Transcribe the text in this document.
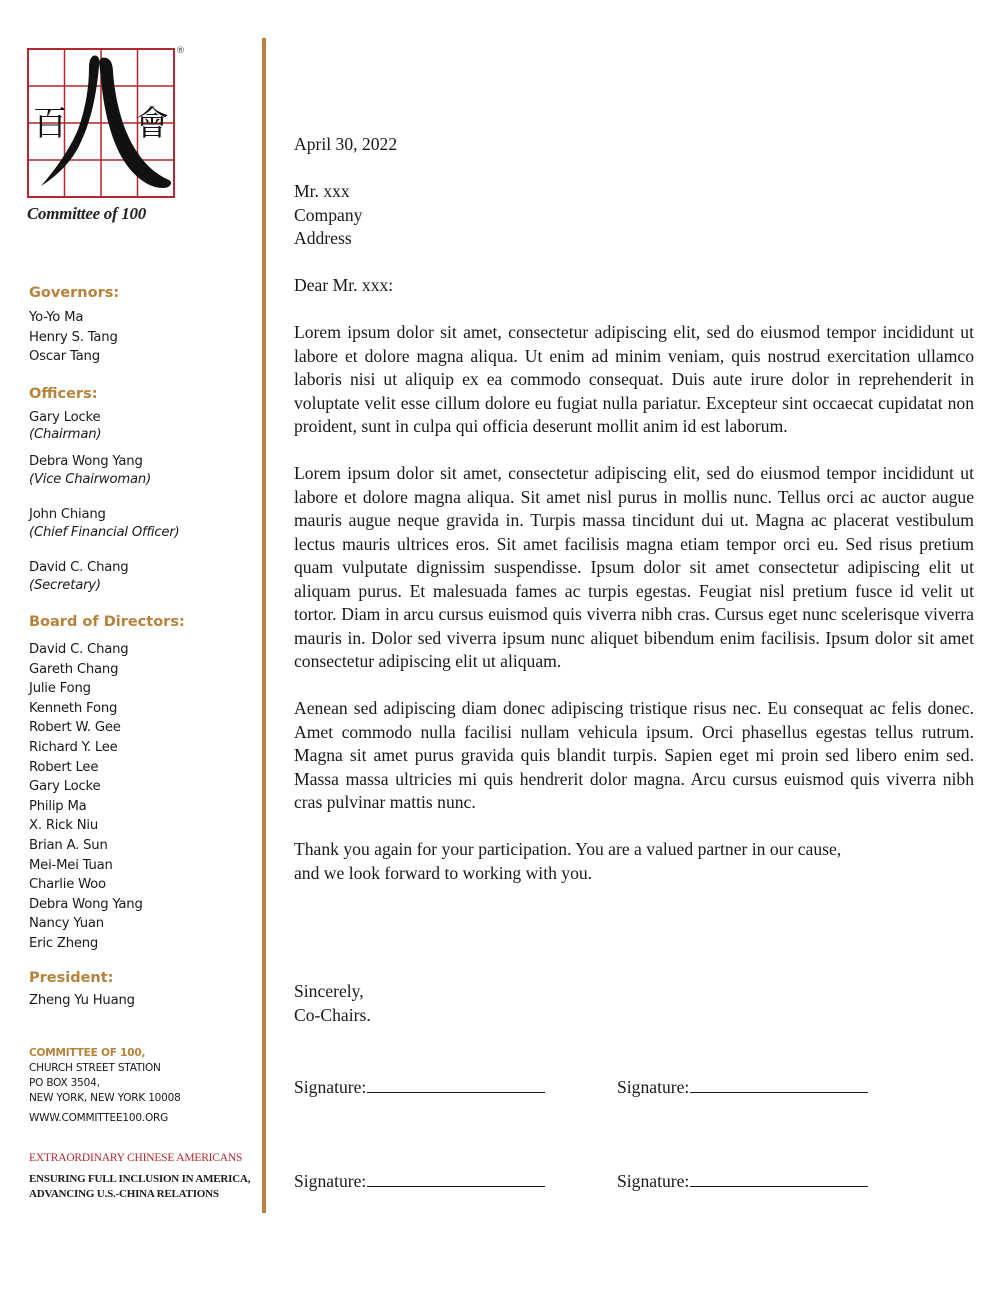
百 會
®
Committee of 100
Governors:
Yo-Yo Ma
Henry S. Tang
Oscar Tang
Officers:
Gary Locke
(Chairman)
Debra Wong Yang
(Vice Chairwoman)
John Chiang
(Chief Financial Officer)
David C. Chang
(Secretary)
Board of Directors:
David C. Chang
Gareth Chang
Julie Fong
Kenneth Fong
Robert W. Gee
Richard Y. Lee
Robert Lee
Gary Locke
Philip Ma
X. Rick Niu
Brian A. Sun
Mei-Mei Tuan
Charlie Woo
Debra Wong Yang
Nancy Yuan
Eric Zheng
President:
Zheng Yu Huang
COMMITTEE OF 100,
CHURCH STREET STATION
PO BOX 3504,
NEW YORK, NEW YORK 10008
WWW.COMMITTEE100.ORG
EXTRAORDINARY CHINESE AMERICANS
ENSURING FULL INCLUSION IN AMERICA,
ADVANCING U.S.-CHINA RELATIONS

April 30, 2022

Mr. xxx
Company
Address

Dear Mr. xxx:

Lorem ipsum dolor sit amet, consectetur adipiscing elit, sed do eiusmod tempor incididunt ut labore et dolore magna aliqua. Ut enim ad minim veniam, quis nostrud exercitation ullamco laboris nisi ut aliquip ex ea commodo consequat. Duis aute irure dolor in reprehenderit in voluptate velit esse cillum dolore eu fugiat nulla pariatur. Excepteur sint occaecat cupidatat non proident, sunt in culpa qui officia deserunt mollit anim id est laborum.

Lorem ipsum dolor sit amet, consectetur adipiscing elit, sed do eiusmod tempor incididunt ut labore et dolore magna aliqua. Sit amet nisl purus in mollis nunc. Tellus orci ac auctor augue mauris augue neque gravida in. Turpis massa tincidunt dui ut. Magna ac placerat vestibulum lectus mauris ultrices eros. Sit amet facilisis magna etiam tempor orci eu. Sed risus pretium quam vulputate dignissim suspendisse. Ipsum dolor sit amet consectetur adipiscing elit ut aliquam purus. Et malesuada fames ac turpis egestas. Feugiat nisl pretium fusce id velit ut tortor. Diam in arcu cursus euismod quis viverra nibh cras. Cursus eget nunc scelerisque viverra mauris in. Dolor sed viverra ipsum nunc aliquet bibendum enim facilisis. Ipsum dolor sit amet consectetur adipiscing elit ut aliquam.

Aenean sed adipiscing diam donec adipiscing tristique risus nec. Eu consequat ac felis donec. Amet commodo nulla facilisi nullam vehicula ipsum. Orci phasellus egestas tellus rutrum. Magna sit amet purus gravida quis blandit turpis. Sapien eget mi proin sed libero enim sed. Massa massa ultricies mi quis hendrerit dolor magna. Arcu cursus euismod quis viverra nibh cras pulvinar mattis nunc.

Thank you again for your participation. You are a valued partner in our cause,
and we look forward to working with you.

Sincerely,
Co-Chairs.
Signature:	Signature:
Signature:	Signature:
